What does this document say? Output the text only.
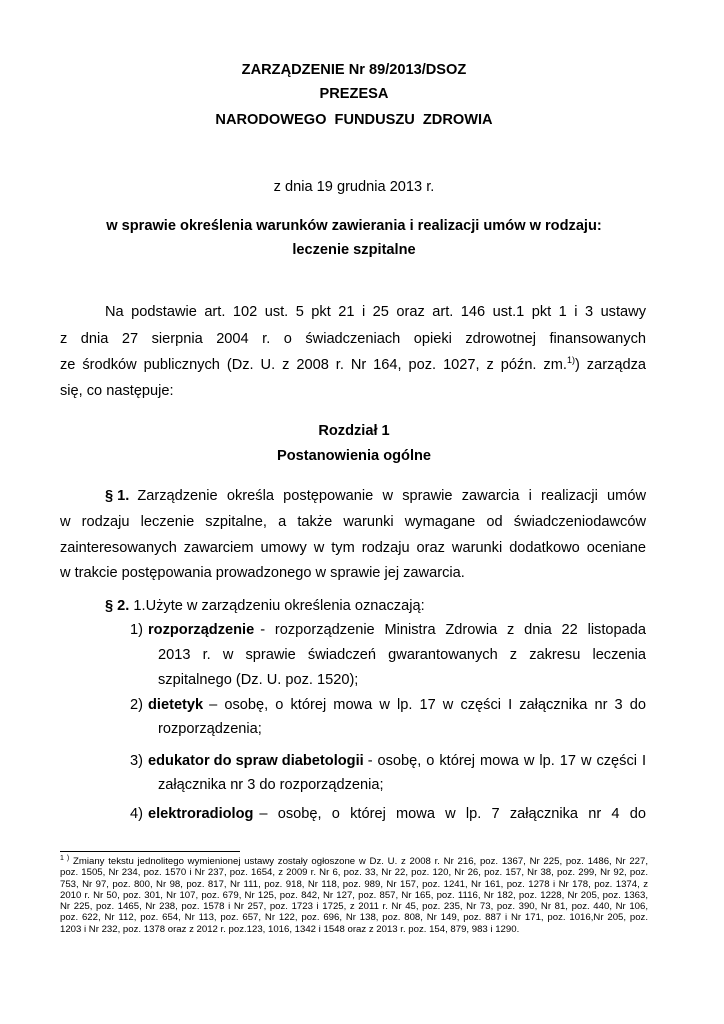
ZARZĄDZENIE Nr 89/2013/DSOZ
PREZESA
NARODOWEGO FUNDUSZU ZDROWIA
z dnia 19 grudnia 2013 r.
w sprawie określenia warunków zawierania i realizacji umów w rodzaju:
leczenie szpitalne
Na podstawie art. 102 ust. 5 pkt 21 i 25 oraz art. 146 ust.1 pkt 1 i 3 ustawy
z dnia 27 sierpnia 2004 r. o świadczeniach opieki zdrowotnej finansowanych
ze środków publicznych (Dz. U. z 2008 r. Nr 164, poz. 1027, z późn. zm.$^{1)}$) zarządza
się, co następuje:
Rozdział 1
Postanowienia ogólne
§ 1. Zarządzenie określa postępowanie w sprawie zawarcia i realizacji umów
w rodzaju leczenie szpitalne, a także warunki wymagane od świadczeniodawców
zainteresowanych zawarciem umowy w tym rodzaju oraz warunki dodatkowo oceniane
w trakcie postępowania prowadzonego w sprawie jej zawarcia.
§ 2. 1.Użyte w zarządzeniu określenia oznaczają:
1) rozporządzenie - rozporządzenie Ministra Zdrowia z dnia 22 listopada
2013 r. w sprawie świadczeń gwarantowanych z zakresu leczenia
szpitalnego (Dz. U. poz. 1520);
2) dietetyk – osobę, o której mowa w lp. 17 w części I załącznika nr 3 do
rozporządzenia;
3) edukator do spraw diabetologii - osobę, o której mowa w lp. 17 w części I
załącznika nr 3 do rozporządzenia;
4) elektroradiolog – osobę, o której mowa w lp. 7 załącznika nr 4 do

$^{1 )}$ Zmiany tekstu jednolitego wymienionej ustawy zostały ogłoszone w Dz. U. z 2008 r. Nr 216, poz. 1367, Nr 225, poz. 1486, Nr 227,

poz. 1505, Nr 234, poz. 1570 i Nr 237, poz. 1654, z 2009 r. Nr 6, poz. 33, Nr 22, poz. 120, Nr 26, poz. 157, Nr 38, poz. 299, Nr 92, poz.

753, Nr 97, poz. 800, Nr 98, poz. 817, Nr 111, poz. 918, Nr 118, poz. 989, Nr 157, poz. 1241, Nr 161, poz. 1278 i Nr 178, poz. 1374, z

2010 r. Nr 50, poz. 301, Nr 107, poz. 679, Nr 125, poz. 842, Nr 127, poz. 857, Nr 165, poz. 1116, Nr 182, poz. 1228, Nr 205, poz. 1363,

Nr 225, poz. 1465, Nr 238, poz. 1578 i Nr 257, poz. 1723 i 1725, z 2011 r. Nr 45, poz. 235, Nr 73, poz. 390, Nr 81, poz. 440, Nr 106,

poz. 622, Nr 112, poz. 654, Nr 113, poz. 657, Nr 122, poz. 696, Nr 138, poz. 808, Nr 149, poz. 887 i Nr 171, poz. 1016,Nr 205, poz.

1203 i Nr 232, poz. 1378 oraz z 2012 r. poz.123, 1016, 1342 i 1548 oraz z 2013 r. poz. 154, 879, 983 i 1290.
